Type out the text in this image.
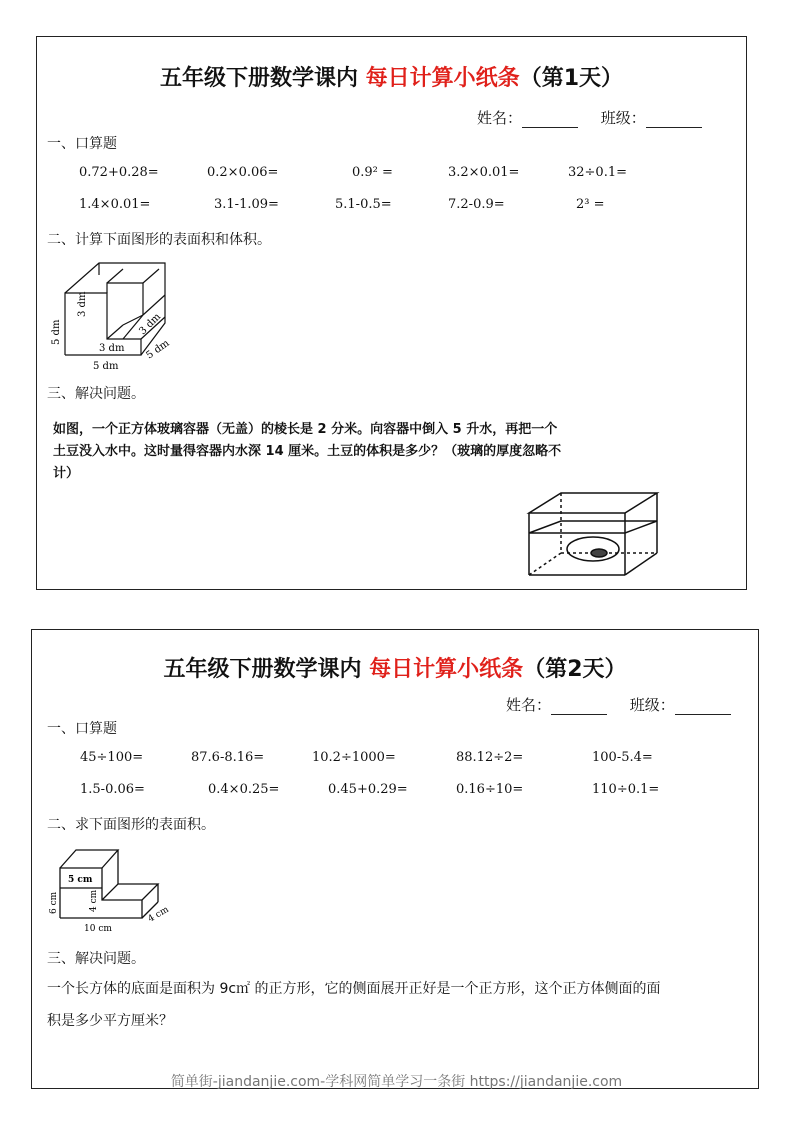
五年级下册数学课内 每日计算小纸条（第1天）
姓名：	班级：
一、口算题
0.72+0.28=	0.2×0.06=	0.9² =	3.2×0.01=	32÷0.1=
1.4×0.01=	3.1-1.09=	5.1-0.5=	7.2-0.9=	2³ =
二、计算下面图形的表面积和体积。
3 dm
5 dm
3 dm
3 dm
5 dm
5 dm
三、解决问题。
如图，一个正方体玻璃容器（无盖）的棱长是 2 分米。向容器中倒入 5 升水，再把一个
土豆没入水中。这时量得容器内水深 14 厘米。土豆的体积是多少？（玻璃的厚度忽略不
计）
五年级下册数学课内 每日计算小纸条（第2天）
姓名：	班级：
一、口算题
45÷100=	87.6-8.16=	10.2÷1000=	88.12÷2=	100-5.4=
1.5-0.06=	0.4×0.25=	0.45+0.29=	0.16÷10=	110÷0.1=
二、求下面图形的表面积。
5 cm
6 cm	4 cm
10 cm
4 cm
三、解决问题。
一个长方体的底面是面积为 9c㎡ 的正方形，它的侧面展开正好是一个正方形，这个正方体侧面的面
积是多少平方厘米？
简单街-jiandanjie.com-学科网简单学习一条街 https://jiandanjie.com
